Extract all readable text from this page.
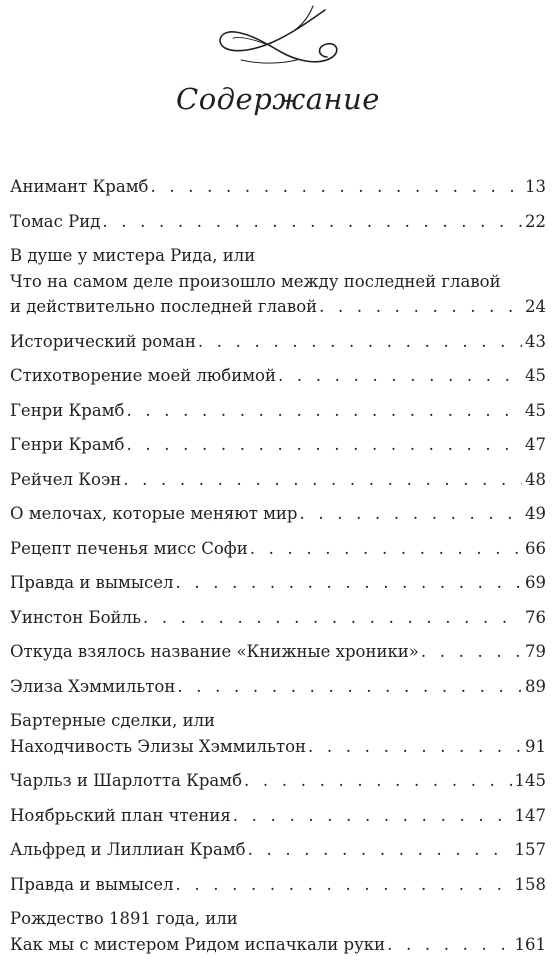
Содержание
Анимант Крамб . . .	13
Томас Рид . . .	22
В душе у мистера Рида, или
Что на самом деле произошло между последней главой
и действительно последней главой . . .	24
Исторический роман . . .	43
Стихотворение моей любимой . . .	45
Генри Крамб . . .	45
Генри Крамб . . .	47
Рейчел Коэн . . .	48
О мелочах, которые меняют мир . . .	49
Рецепт печенья мисс Софи . . .	66
Правда и вымысел . . .	69
Уинстон Бойль . . .	76
Откуда взялось название «Книжные хроники» . . .	79
Элиза Хэммильтон . . .	89
Бартерные сделки, или
Находчивость Элизы Хэммильтон . . .	91
Чарльз и Шарлотта Крамб . . .	145
Ноябрьский план чтения . . .	147
Альфред и Лиллиан Крамб . . .	157
Правда и вымысел . . .	158
Рождество 1891 года, или
Как мы с мистером Ридом испачкали руки . . .	161
